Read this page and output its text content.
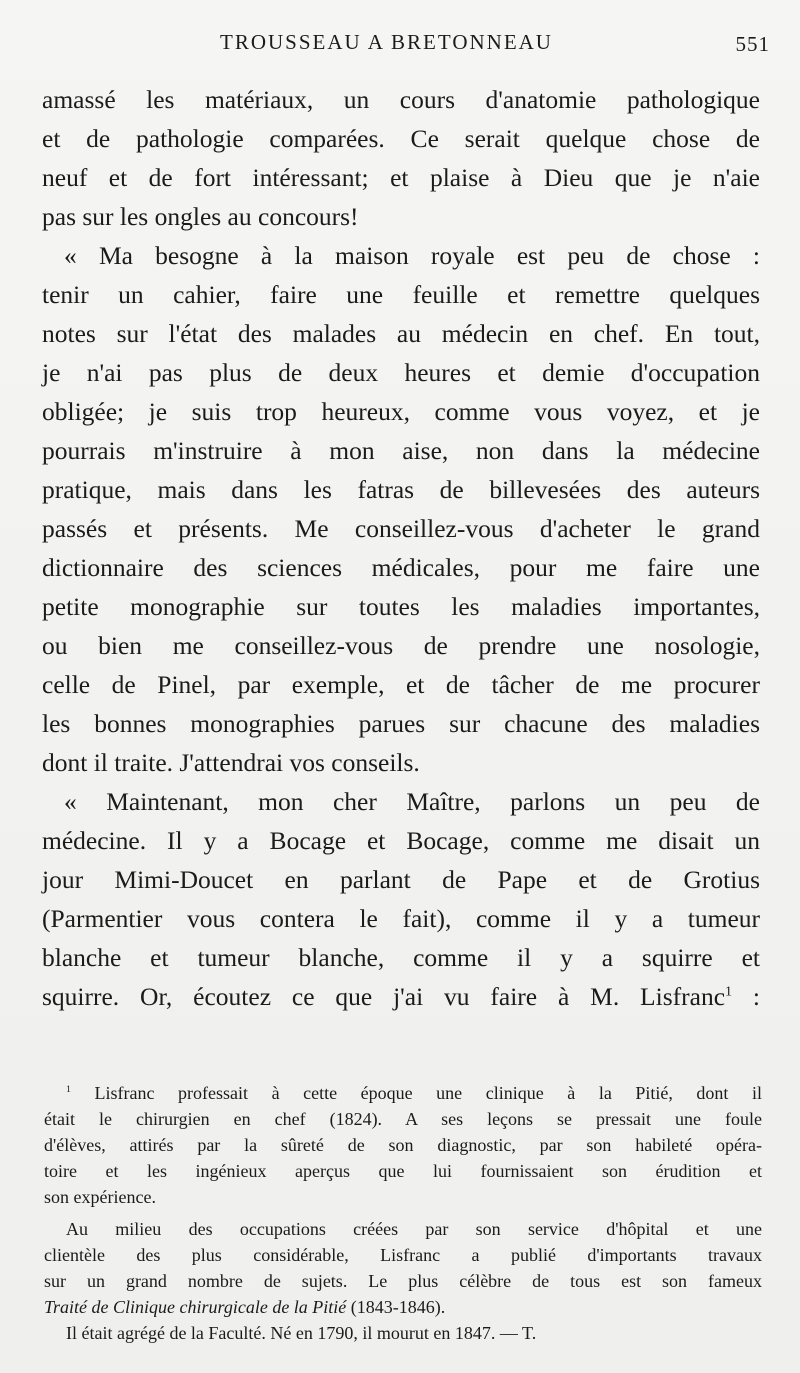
TROUSSEAU A BRETONNEAU	551
amassé les matériaux, un cours d'anatomie pathologique
et de pathologie comparées. Ce serait quelque chose de
neuf et de fort intéressant; et plaise à Dieu que je n'aie
pas sur les ongles au concours!
« Ma besogne à la maison royale est peu de chose :
tenir un cahier, faire une feuille et remettre quelques
notes sur l'état des malades au médecin en chef. En tout,
je n'ai pas plus de deux heures et demie d'occupation
obligée; je suis trop heureux, comme vous voyez, et je
pourrais m'instruire à mon aise, non dans la médecine
pratique, mais dans les fatras de billevesées des auteurs
passés et présents. Me conseillez-vous d'acheter le grand
dictionnaire des sciences médicales, pour me faire une
petite monographie sur toutes les maladies importantes,
ou bien me conseillez-vous de prendre une nosologie,
celle de Pinel, par exemple, et de tâcher de me procurer
les bonnes monographies parues sur chacune des maladies
dont il traite. J'attendrai vos conseils.
« Maintenant, mon cher Maître, parlons un peu de
médecine. Il y a Bocage et Bocage, comme me disait un
jour Mimi-Doucet en parlant de Pape et de Grotius
(Parmentier vous contera le fait), comme il y a tumeur
blanche et tumeur blanche, comme il y a squirre et
squirre. Or, écoutez ce que j'ai vu faire à M. Lisfranc$^1$ :
$^1$ Lisfranc professait à cette époque une clinique à la Pitié, dont il
était le chirurgien en chef (1824). A ses leçons se pressait une foule
d'élèves, attirés par la sûreté de son diagnostic, par son habileté opéra-
toire et les ingénieux aperçus que lui fournissaient son érudition et
son expérience.
Au milieu des occupations créées par son service d'hôpital et une
clientèle des plus considérable, Lisfranc a publié d'importants travaux
sur un grand nombre de sujets. Le plus célèbre de tous est son fameux
Traité de Clinique chirurgicale de la Pitié (1843-1846).
Il était agrégé de la Faculté. Né en 1790, il mourut en 1847. — T.
